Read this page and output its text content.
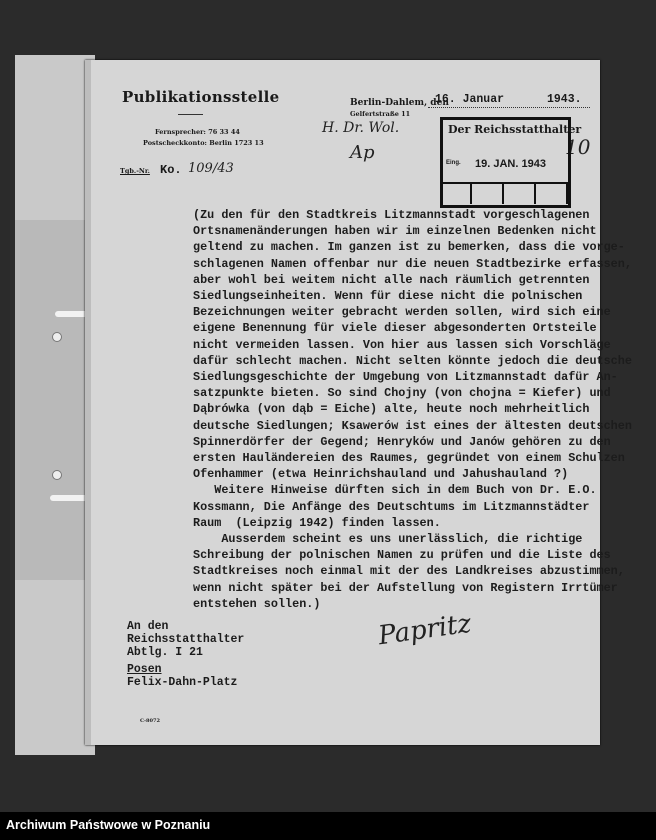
Publikationsstelle
Fernsprecher: 76 33 44
Postscheckkonto: Berlin 1723 13
Berlin-Dahlem, den
Gelfertstraße 11
16. Januar	1943.
Tgb.-Nr. Ko. 109/43
H. Dr. Wol.
Ap	10
Der Reichsstatthalter
Eing. 19. JAN. 1943
(Zu den für den Stadtkreis Litzmannstadt vorgeschlagenen
Ortsnamenänderungen haben wir im einzelnen Bedenken nicht
geltend zu machen. Im ganzen ist zu bemerken, dass die vorge-
schlagenen Namen offenbar nur die neuen Stadtbezirke erfassen,
aber wohl bei weitem nicht alle nach räumlich getrennten
Siedlungseinheiten. Wenn für diese nicht die polnischen
Bezeichnungen weiter gebracht werden sollen, wird sich eine
eigene Benennung für viele dieser abgesonderten Ortsteile
nicht vermeiden lassen. Von hier aus lassen sich Vorschläge
dafür schlecht machen. Nicht selten könnte jedoch die deutsche
Siedlungsgeschichte der Umgebung von Litzmannstadt dafür An-
satzpunkte bieten. So sind Chojny (von chojna = Kiefer) und
Dąbrówka (von dąb = Eiche) alte, heute noch mehrheitlich
deutsche Siedlungen; Ksawerów ist eines der ältesten deutschen
Spinnerdörfer der Gegend; Henryków und Janów gehören zu den
ersten Hauländereien des Raumes, gegründet von einem Schulzen
Ofenhammer (etwa Heinrichshauland und Jahushauland ?)
Weitere Hinweise dürften sich in dem Buch von Dr. E.O.
Kossmann, Die Anfänge des Deutschtums im Litzmannstädter
Raum  (Leipzig 1942) finden lassen.
Ausserdem scheint es uns unerlässlich, die richtige
Schreibung der polnischen Namen zu prüfen und die Liste des
Stadtkreises noch einmal mit der des Landkreises abzustimmen,
wenn nicht später bei der Aufstellung von Registern Irrtümer
entstehen sollen.)
An den
Reichsstatthalter
Abtlg. I 21
Posen
Felix-Dahn-Platz
Papritz
C-8072
Archiwum Państwowe w Poznaniu
